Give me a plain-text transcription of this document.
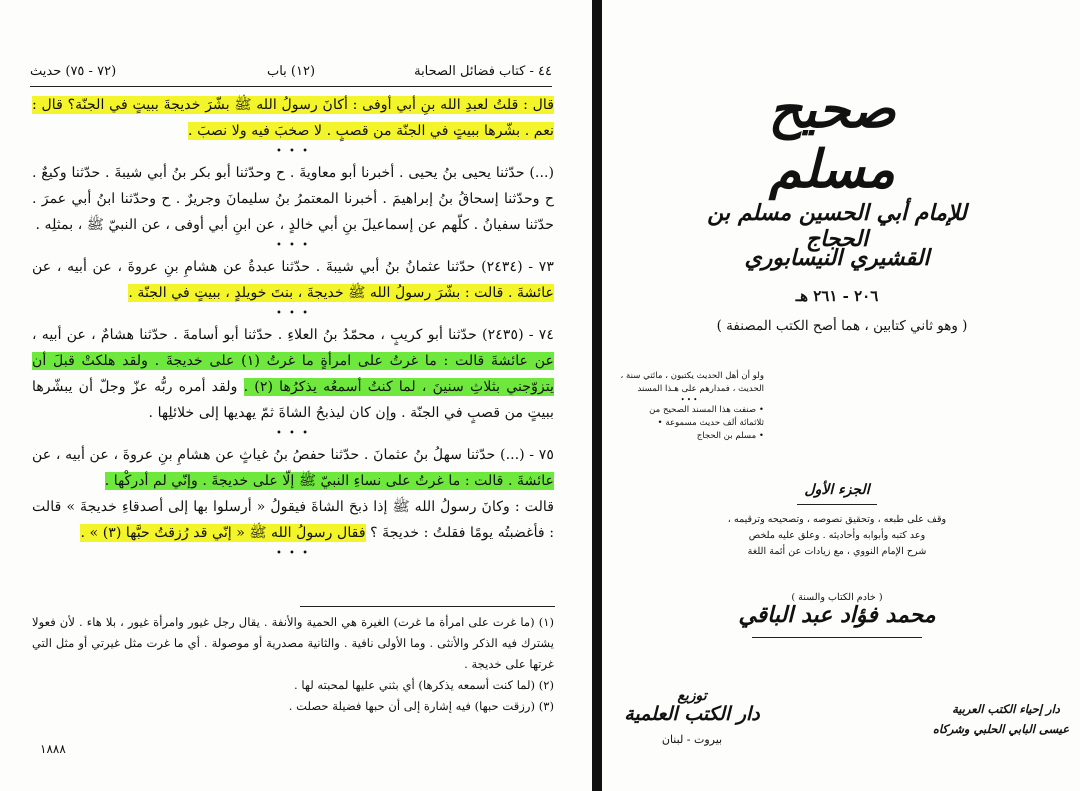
٤٤ - كتاب فضائل الصحابة
(١٢) باب
(٧٢ - ٧٥) حديث

قال : قلتُ لعبدِ الله بنِ أبي أوفى : أكانَ رسولُ الله ﷺ بشّرَ خديجةَ ببيتٍ في الجنّة؟ قال : نعم . بشّرها ببيتٍ في الجنّة من قصبٍ . لا صخبَ فيه ولا نصبَ .

• • •

(...) حدّثنا يحيى بنُ يحيى . أخبرنا أبو معاويةَ . ح وحدّثنا أبو بكر بنُ أبي شيبةَ . حدّثنا وكيعٌ . ح وحدّثنا إسحاقُ بنُ إبراهيمَ . أخبرنا المعتمرُ بنُ سليمانَ وجريرٌ . ح وحدّثنا ابنُ أبي عمرَ . حدّثنا سفيانُ . كلّهم عن إسماعيلَ بنِ أبي خالدٍ ، عن ابنِ أبي أوفى ، عن النبيّ ﷺ ، بمثلِه .

• • •

٧٣ - (٢٤٣٤) حدّثنا عثمانُ بنُ أبي شيبةَ . حدّثنا عبدةُ عن هشامِ بنِ عروةَ ، عن أبيه ، عن عائشةَ . قالت : بشّرَ رسولُ الله ﷺ خديجةَ ، بنتَ خويلدٍ ، ببيتٍ في الجنّة .

• • •

٧٤ - (٢٤٣٥) حدّثنا أبو كريبٍ ، محمّدُ بنُ العلاءِ . حدّثنا أبو أسامةَ . حدّثنا هشامٌ ، عن أبيه ، عن عائشةَ قالت : ما غرتُ على امرأةٍ ما غرتُ (١) على خديجةَ . ولقد هلكتْ قبلَ أن يتزوّجني بثلاثِ سنينَ ، لما كنتُ أسمعُه يذكرُها (٢) . ولقد أمره ربُّه عزّ وجلّ أن يبشّرها ببيتٍ من قصبٍ في الجنّة . وإن كان ليذبحُ الشاةَ ثمّ يهديها إلى خلائلِها .

• • •

٧٥ - (...) حدّثنا سهلُ بنُ عثمانَ . حدّثنا حفصُ بنُ غياثٍ عن هشامِ بنِ عروةَ ، عن أبيه ، عن عائشةَ . قالت : ما غرتُ على نساءِ النبيّ ﷺ إلّا على خديجةَ . وإنّي لم أدركْها .

قالت : وكانَ رسولُ الله ﷺ إذا ذبحَ الشاةَ فيقولُ « أرسلوا بها إلى أصدقاءِ خديجةَ » قالت : فأغضبتُه يومًا فقلتُ : خديجةَ ؟ فقال رسولُ الله ﷺ « إنّي قد رُزقتُ حبَّها (٣) » .

• • •

(١) (ما غرت على امرأة ما غرت) الغيرة هي الحمية والأنفة . يقال رجل غيور وامرأة غيور ، بلا هاء . لأن فعولا يشترك فيه الذكر والأنثى . وما الأولى نافية . والثانية مصدرية أو موصولة . أي ما غرت مثل غيرتي أو مثل التي غرتها على خديجة .

(٢) (لما كنت أسمعه يذكرها) أي بثني عليها لمحبته لها .

(٣) (رزقت حبها) فيه إشارة إلى أن حبها فضيلة حصلت .

١٨٨٨
صحيح مسلم
للإمام أبي الحسين مسلم بن الحجاج
القشيري النيسابوري
٢٠٦ - ٢٦١ هـ
( وهو ثاني كتابين ، هما أصح الكتب المصنفة )

ولو أن أهل الحديث يكتبون ، مائتي سنة ،

الحديث ، فمدارهم على هـذا المسند

• • •

• صنفت هذا المسند الصحيح من

ثلاثمائة ألف حديث مسموعة •

• مسلم بن الحجاج

الجزء الأول

وقف على طبعه ، وتحقيق نصوصه ، وتصحيحه وترقيمه ،

وعد كتبه وأبوابه وأحاديثه . وعلق عليه ملخص

شرح الإمام النووي ، مع زيادات عن أئمة اللغة

( خادم الكتاب والسنة )
محمد فؤاد عبد الباقي
توزيع
دار الكتب العلمية
بيروت - لبنان
دار إحياء الكتب العربية
عيسى البابي الحلبي وشركاه
